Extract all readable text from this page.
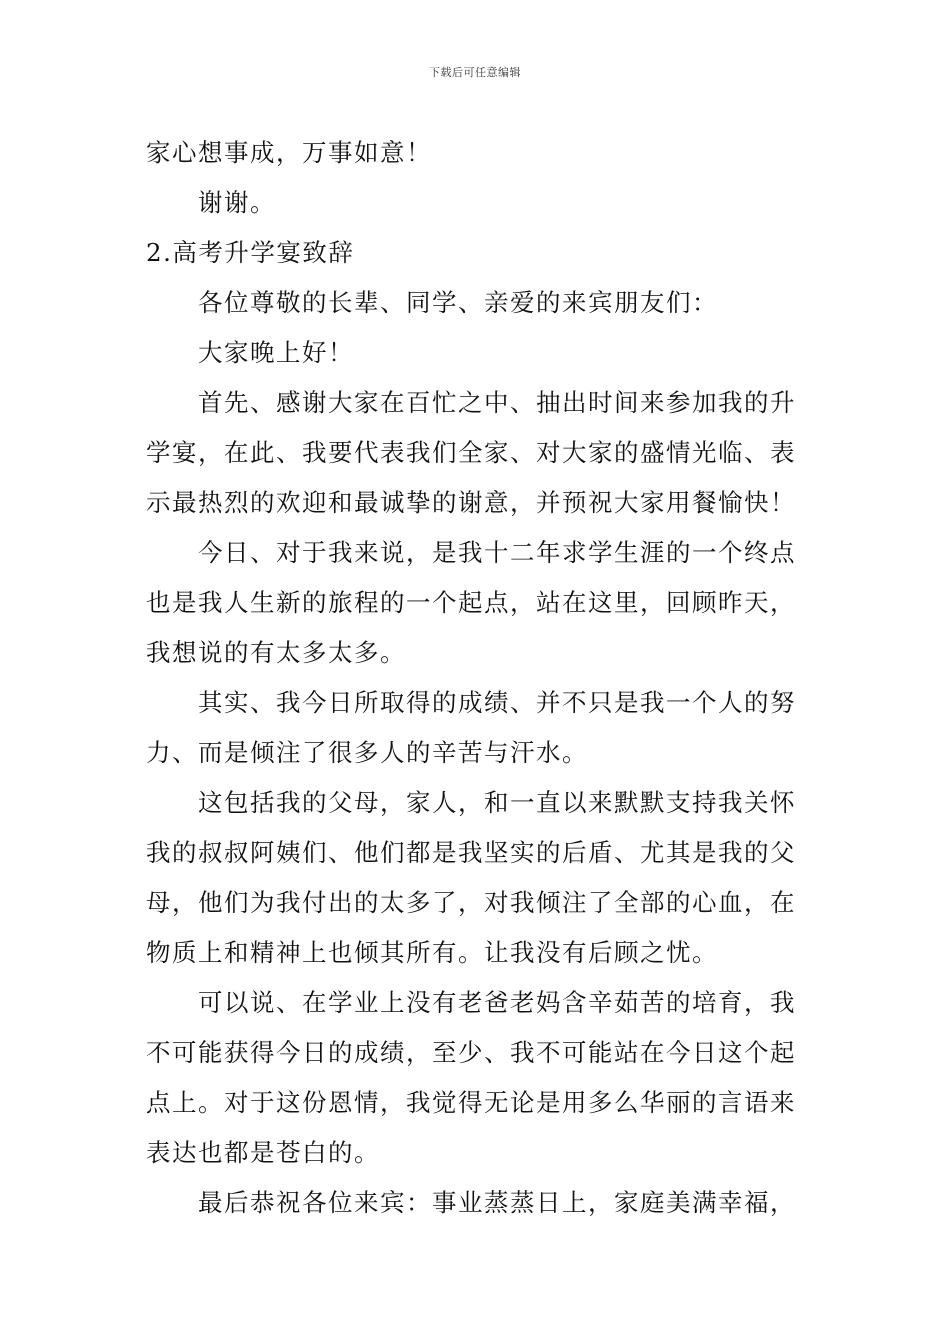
下载后可任意编辑
家心想事成，万事如意！
谢谢。
2.高考升学宴致辞
各位尊敬的长辈、同学、亲爱的来宾朋友们：
大家晚上好！
首先、感谢大家在百忙之中、抽出时间来参加我的升
学宴，在此、我要代表我们全家、对大家的盛情光临、表
示最热烈的欢迎和最诚挚的谢意，并预祝大家用餐愉快！
今日、对于我来说，是我十二年求学生涯的一个终点
也是我人生新的旅程的一个起点，站在这里，回顾昨天，
我想说的有太多太多。
其实、我今日所取得的成绩、并不只是我一个人的努
力、而是倾注了很多人的辛苦与汗水。
这包括我的父母，家人，和一直以来默默支持我关怀
我的叔叔阿姨们、他们都是我坚实的后盾、尤其是我的父
母，他们为我付出的太多了，对我倾注了全部的心血，在
物质上和精神上也倾其所有。让我没有后顾之忧。
可以说、在学业上没有老爸老妈含辛茹苦的培育，我
不可能获得今日的成绩，至少、我不可能站在今日这个起
点上。对于这份恩情，我觉得无论是用多么华丽的言语来
表达也都是苍白的。
最后恭祝各位来宾：事业蒸蒸日上，家庭美满幸福，
